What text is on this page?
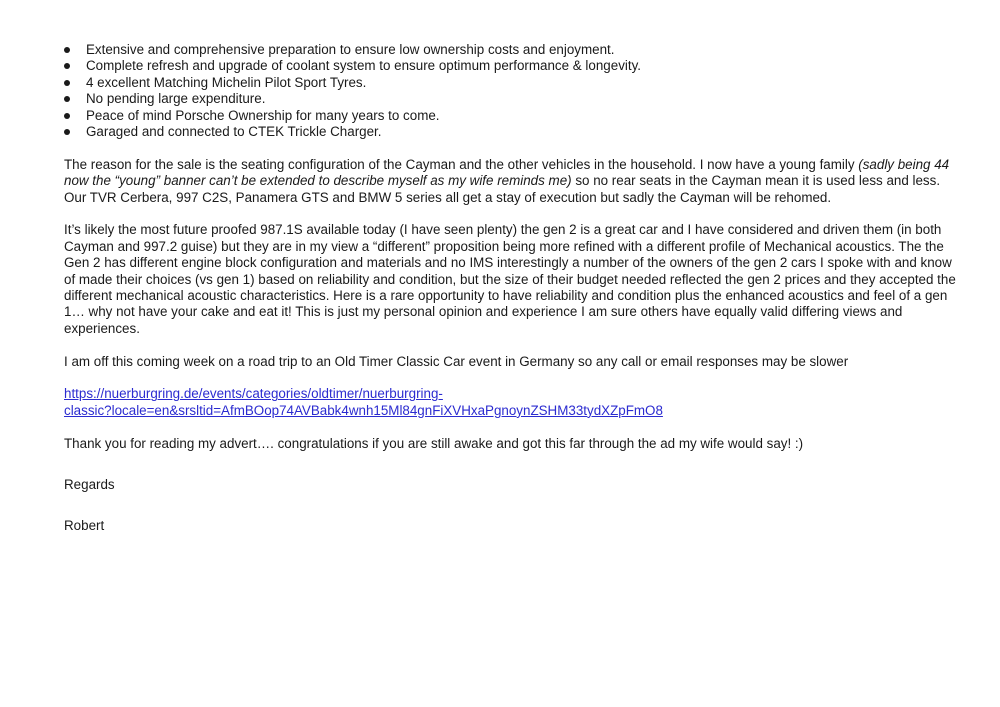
Extensive and comprehensive preparation to ensure low ownership costs and enjoyment.
Complete refresh and upgrade of coolant system to ensure optimum performance & longevity.
4 excellent Matching Michelin Pilot Sport Tyres.
No pending large expenditure.
Peace of mind Porsche Ownership for many years to come.
Garaged and connected to CTEK Trickle Charger.

The reason for the sale is the seating configuration of the Cayman and the other vehicles in the household. I now have a young family (sadly being 44 now the “young” banner can’t be extended to describe myself as my wife reminds me) so no rear seats in the Cayman mean it is used less and less. Our TVR Cerbera, 997 C2S, Panamera GTS and BMW 5 series all get a stay of execution but sadly the Cayman will be rehomed.

It’s likely the most future proofed 987.1S available today (I have seen plenty) the gen 2 is a great car and I have considered and driven them (in both Cayman and 997.2 guise) but they are in my view a “different” proposition being more refined with a different profile of Mechanical acoustics. The the Gen 2 has different engine block configuration and materials and no IMS interestingly a number of the owners of the gen 2 cars I spoke with and know of made their choices (vs gen 1) based on reliability and condition, but the size of their budget needed reflected the gen 2 prices and they accepted the different mechanical acoustic characteristics. Here is a rare opportunity to have reliability and condition plus the enhanced acoustics and feel of a gen 1… why not have your cake and eat it! This is just my personal opinion and experience I am sure others have equally valid differing views and experiences.

I am off this coming week on a road trip to an Old Timer Classic Car event in Germany so any call or email responses may be slower

https://nuerburgring.de/events/categories/oldtimer/nuerburgring-
classic?locale=en&srsltid=AfmBOop74AVBabk4wnh15Ml84gnFiXVHxaPgnoynZSHM33tydXZpFmO8

Thank you for reading my advert…. congratulations if you are still awake and got this far through the ad my wife would say! :)

Regards

Robert
